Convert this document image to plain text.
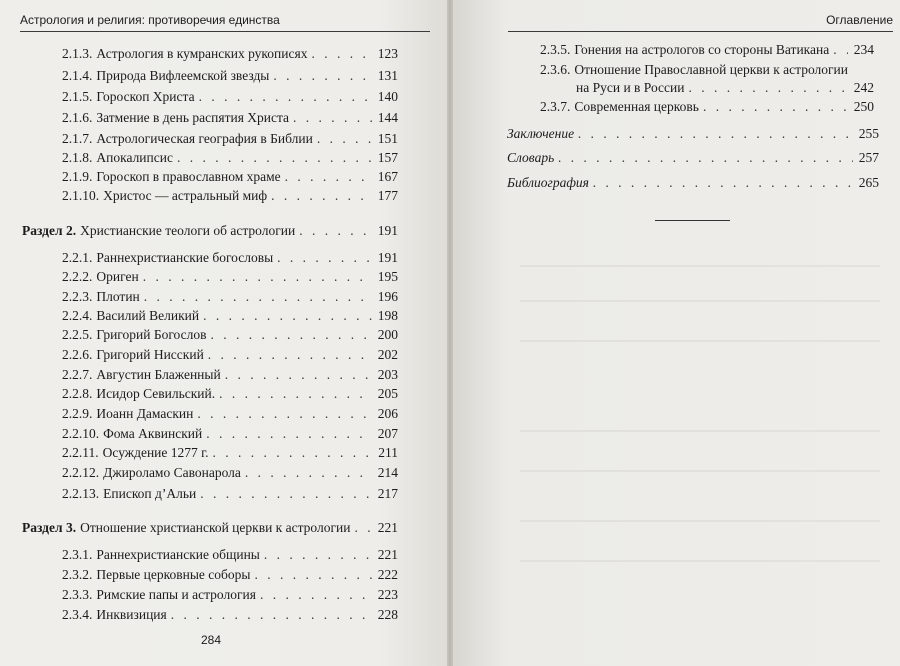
Астрология и религия: противоречия единства
2.1.3. Астрология в кумранских рукописях . . .	123
2.1.4. Природа Вифлеемской звезды . . .	131
2.1.5. Гороскоп Христа . . .	140
2.1.6. Затмение в день распятия Христа . . .	144
2.1.7. Астрологическая география в Библии . . .	151
2.1.8. Апокалипсис . . .	157
2.1.9. Гороскоп в православном храме . . .	167
2.1.10. Христос — астральный миф . . .	177
Раздел 2. Христианские теологи об астрологии . . .	191
2.2.1. Раннехристианские богословы . . .	191
2.2.2. Ориген . . .	195
2.2.3. Плотин . . .	196
2.2.4. Василий Великий . . .	198
2.2.5. Григорий Богослов . . .	200
2.2.6. Григорий Нисский . . .	202
2.2.7. Августин Блаженный . . .	203
2.2.8. Исидор Севильский. . . .	205
2.2.9. Иоанн Дамаскин . . .	206
2.2.10. Фома Аквинский . . .	207
2.2.11. Осуждение 1277 г. . . .	211
2.2.12. Джироламо Савонарола . . .	214
2.2.13. Епископ д’Альи . . .	217
Раздел 3. Отношение христианской церкви к астрологии . . . 221
2.3.1. Раннехристианские общины . . .	221
2.3.2. Первые церковные соборы . . .	222
2.3.3. Римские папы и астрология . . .	223
2.3.4. Инквизиция . . .	228
284
Оглавление
2.3.5. Гонения на астрологов со стороны Ватикана . . . 234
2.3.6. Отношение Православной церкви к астрологии
на Руси и в России . . .	242
2.3.7. Современная церковь . . .	250
Заключение . . .	255
Словарь . . .	257
Библиография . . .	265
